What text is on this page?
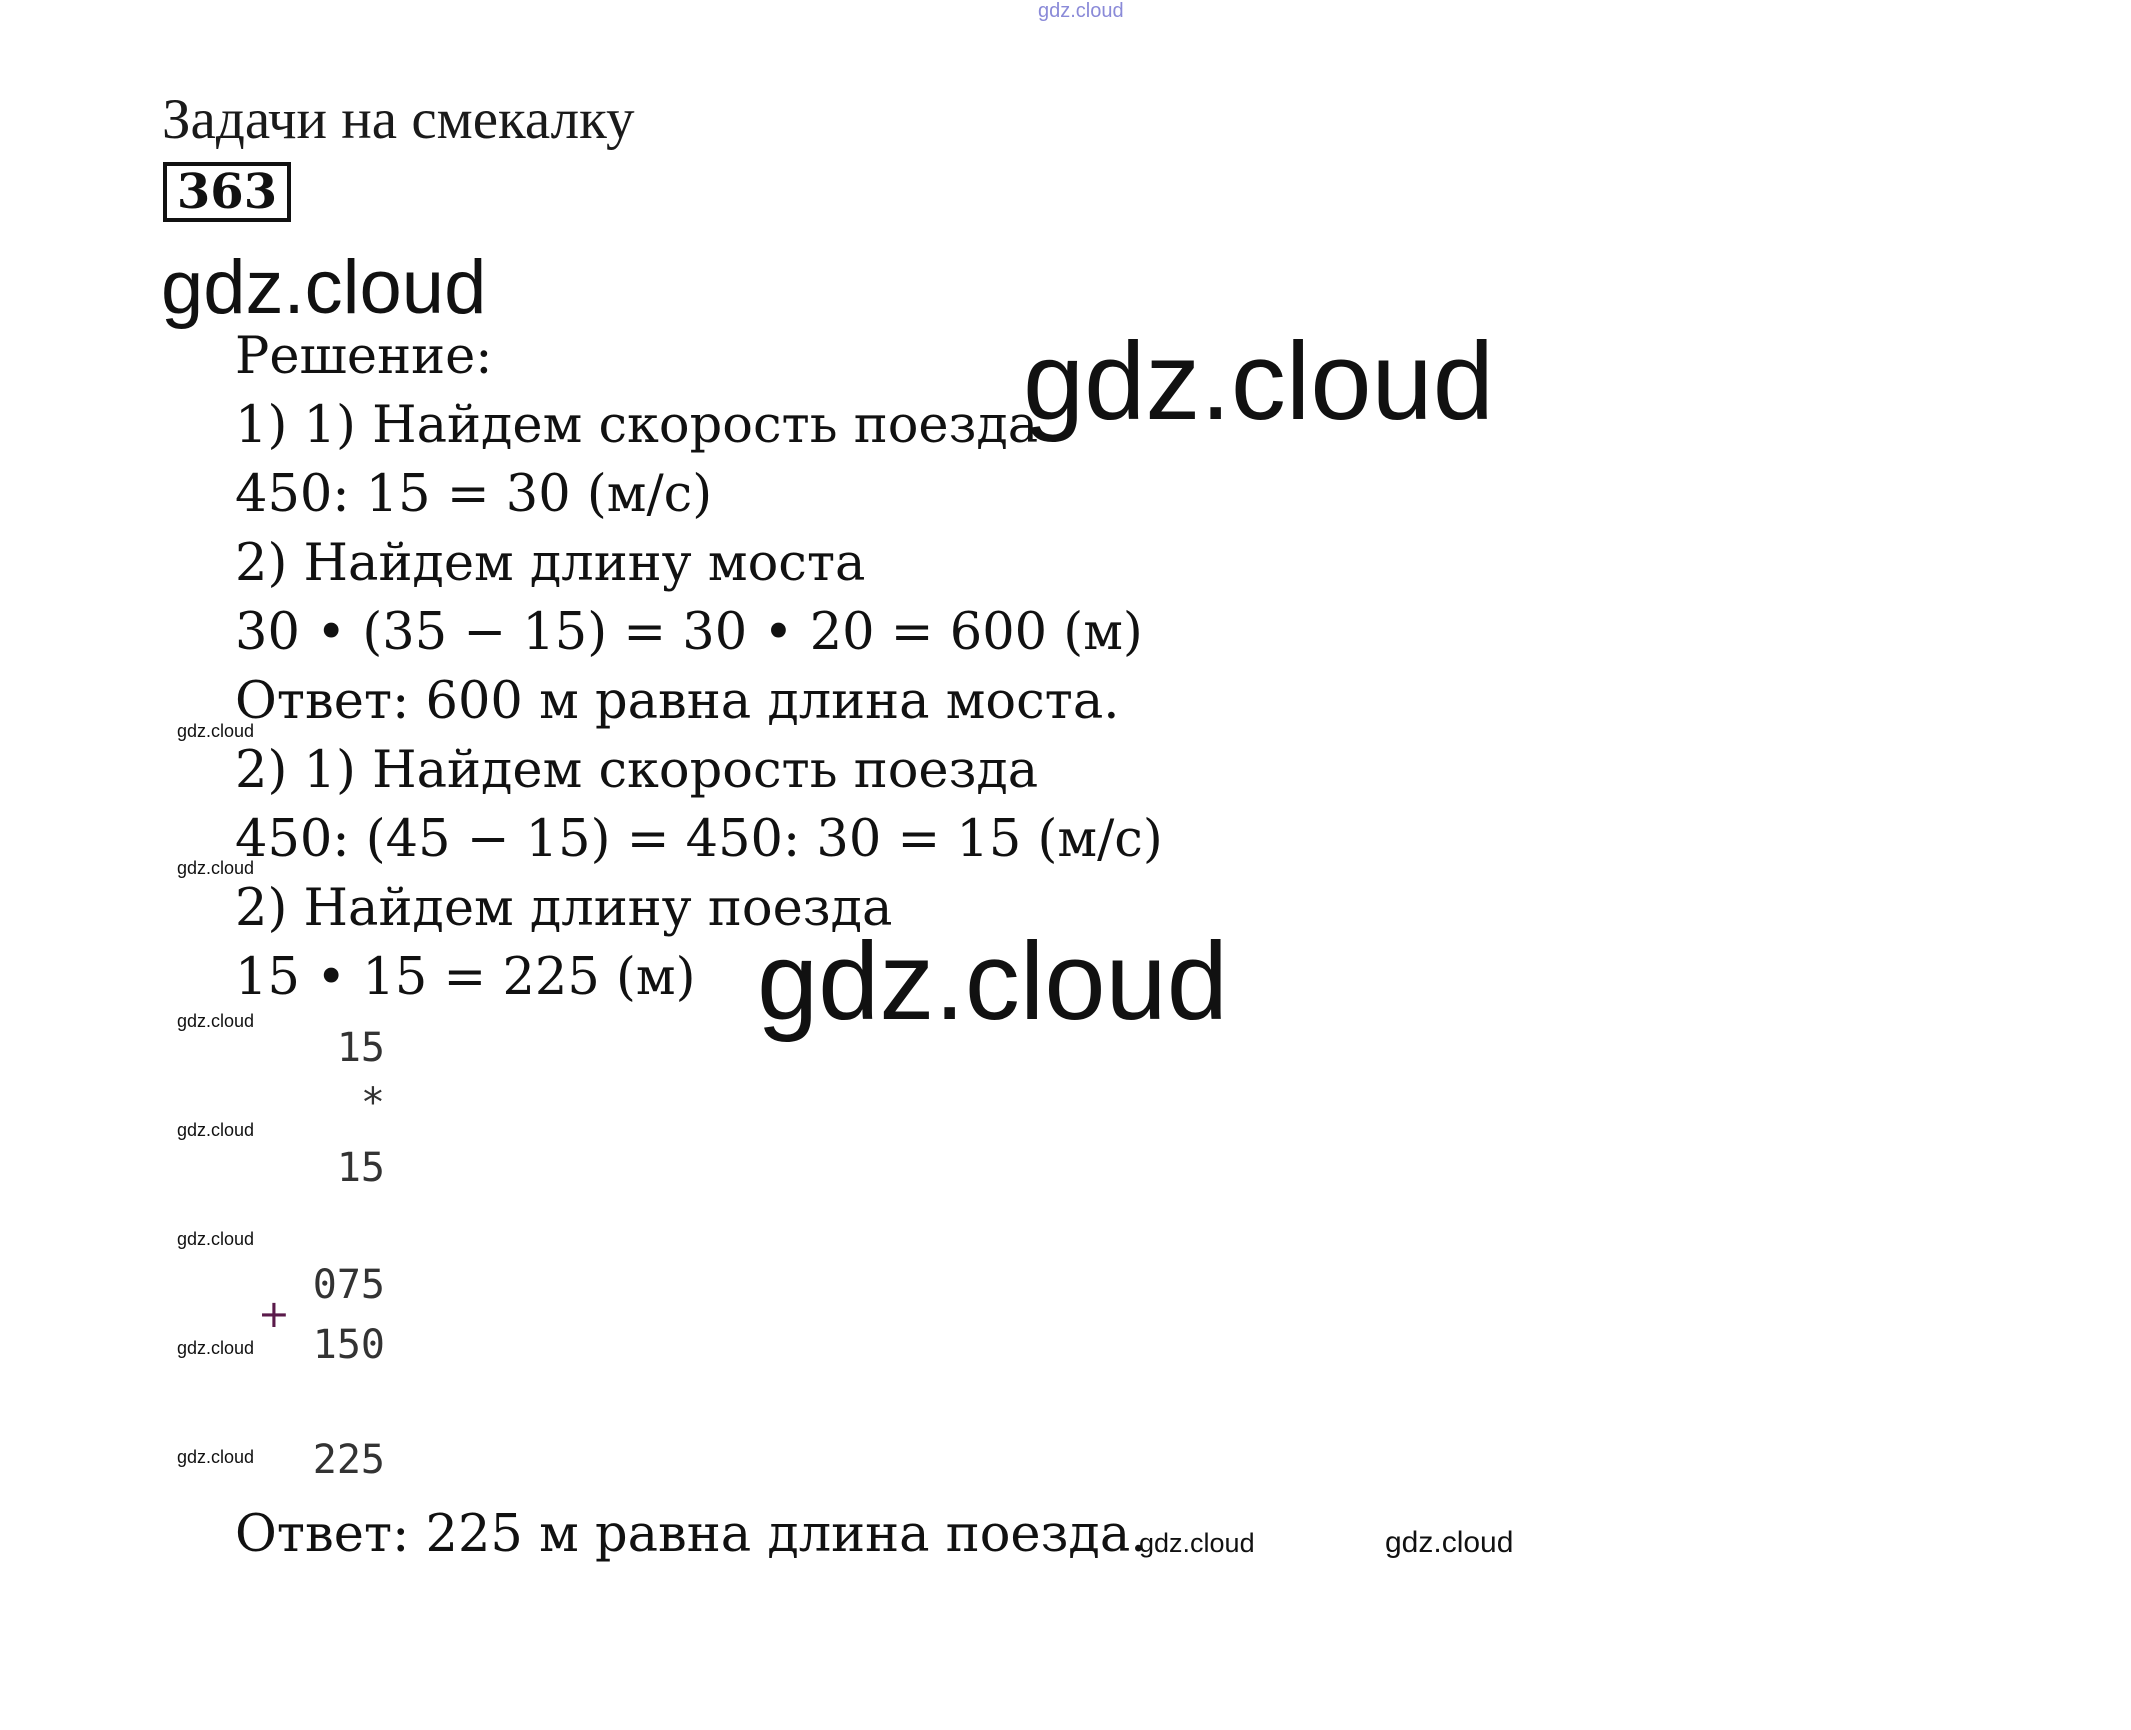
gdz.cloud
Задачи на смекалку
363
gdz.cloud
gdz.cloud
gdz.cloud
Решение:
1) 1) Найдем скорость поезда
450: 15 = 30 (м/с)
2) Найдем длину моста
30 • (35 − 15) = 30 • 20 = 600 (м)
Ответ: 600 м равна длина моста.
2) 1) Найдем скорость поезда
450: (45 − 15) = 450: 30 = 15 (м/с)
2) Найдем длину поезда
15 • 15 = 225 (м)
gdz.cloud
gdz.cloud
gdz.cloud
gdz.cloud
gdz.cloud
gdz.cloud
gdz.cloud
15
*
15
075
+
150
225
Ответ: 225 м равна длина поезда.
gdz.cloud	gdz.cloud
